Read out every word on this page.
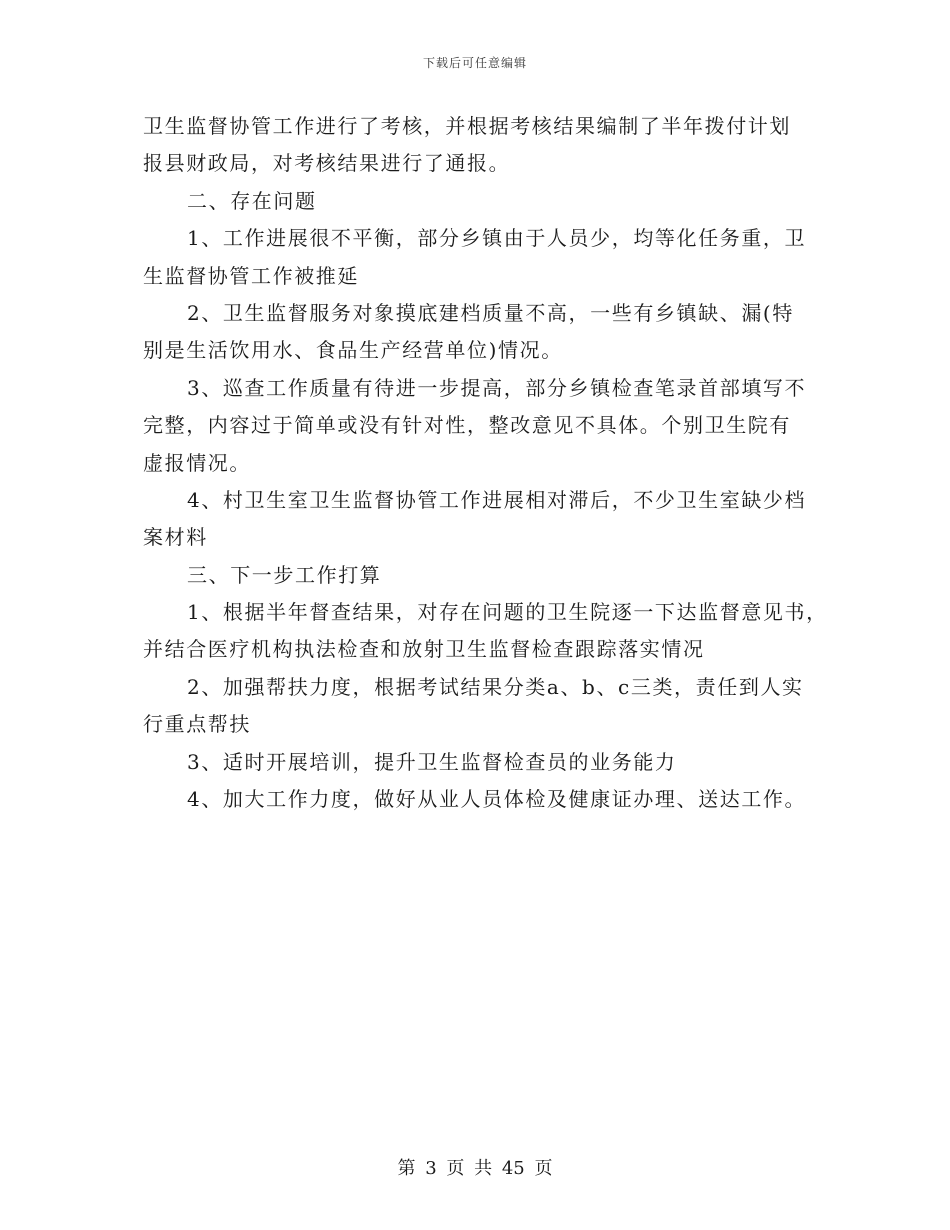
下载后可任意编辑
卫生监督协管工作进行了考核，并根据考核结果编制了半年拨付计划
报县财政局，对考核结果进行了通报。
二、存在问题
1、工作进展很不平衡，部分乡镇由于人员少，均等化任务重，卫
生监督协管工作被推延
2、卫生监督服务对象摸底建档质量不高，一些有乡镇缺、漏(特
别是生活饮用水、食品生产经营单位)情况。
3、巡查工作质量有待进一步提高，部分乡镇检查笔录首部填写不
完整，内容过于简单或没有针对性，整改意见不具体。个别卫生院有
虚报情况。
4、村卫生室卫生监督协管工作进展相对滞后，不少卫生室缺少档
案材料
三、下一步工作打算
1、根据半年督查结果，对存在问题的卫生院逐一下达监督意见书，
并结合医疗机构执法检查和放射卫生监督检查跟踪落实情况
2、加强帮扶力度，根据考试结果分类a、b、c三类，责任到人实
行重点帮扶
3、适时开展培训，提升卫生监督检查员的业务能力
4、加大工作力度，做好从业人员体检及健康证办理、送达工作。
第 3 页 共 45 页
